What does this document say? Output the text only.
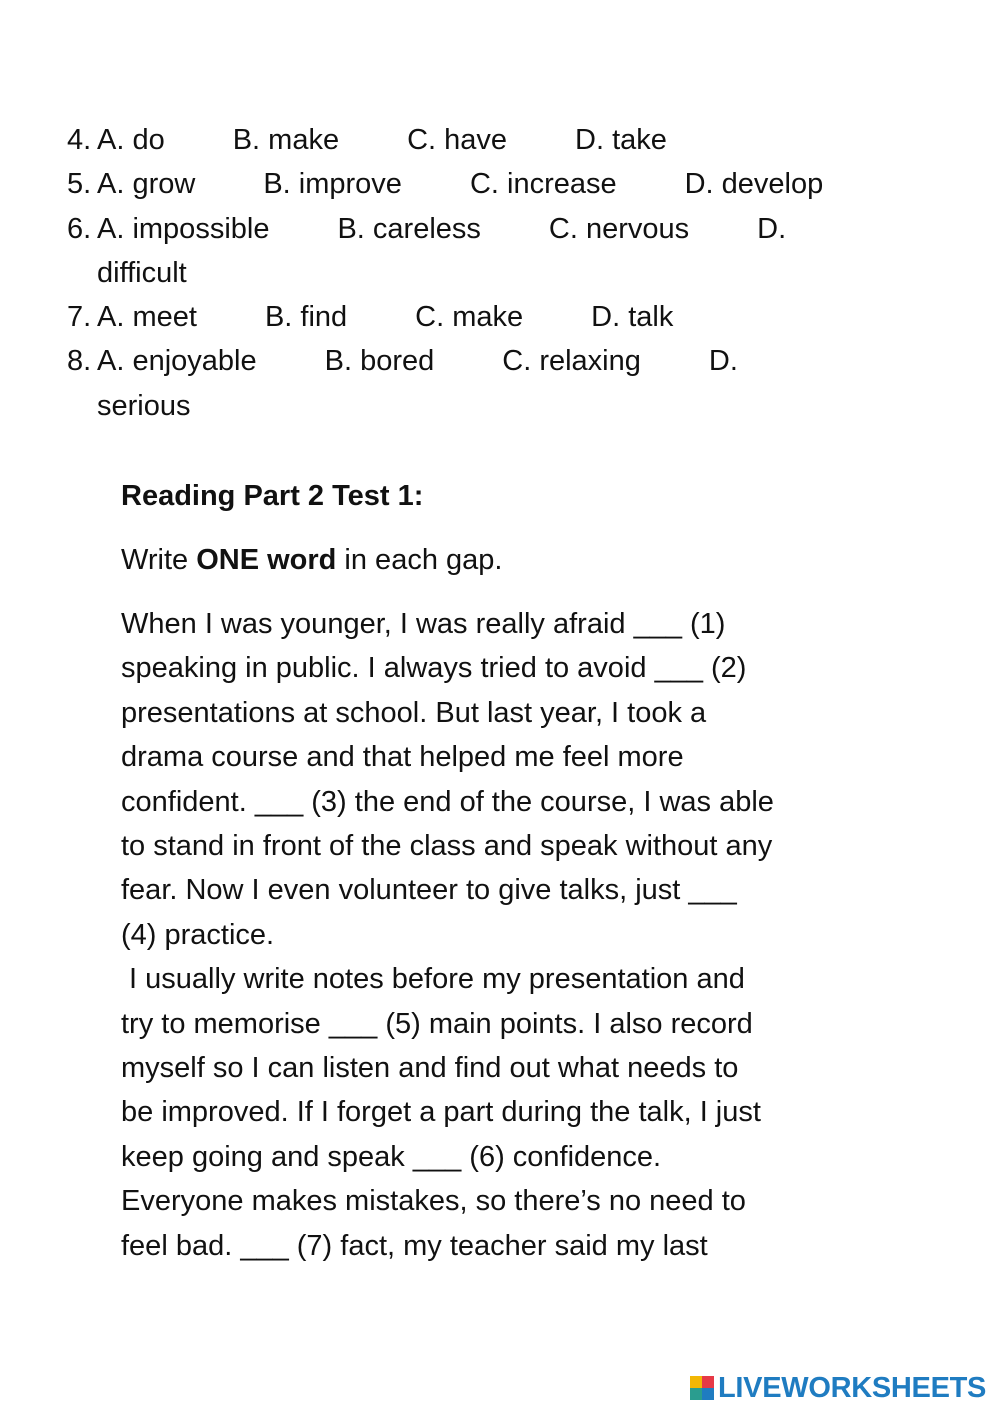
4. A. do B. make C. have D. take
5. A. grow B. improve C. increase D. develop
6. A. impossible B. careless C. nervous D.
difficult
7. A. meet B. find C. make D. talk
8. A. enjoyable B. bored C. relaxing D.
serious

Reading Part 2 Test 1:

Write ONE word in each gap.

When I was younger, I was really afraid ___ (1)
speaking in public. I always tried to avoid ___ (2)
presentations at school. But last year, I took a
drama course and that helped me feel more
confident. ___ (3) the end of the course, I was able
to stand in front of the class and speak without any
fear. Now I even volunteer to give talks, just ___
(4) practice.
I usually write notes before my presentation and
try to memorise ___ (5) main points. I also record
myself so I can listen and find out what needs to
be improved. If I forget a part during the talk, I just
keep going and speak ___ (6) confidence.
Everyone makes mistakes, so there’s no need to
feel bad. ___ (7) fact, my teacher said my last
LIVEWORKSHEETS
